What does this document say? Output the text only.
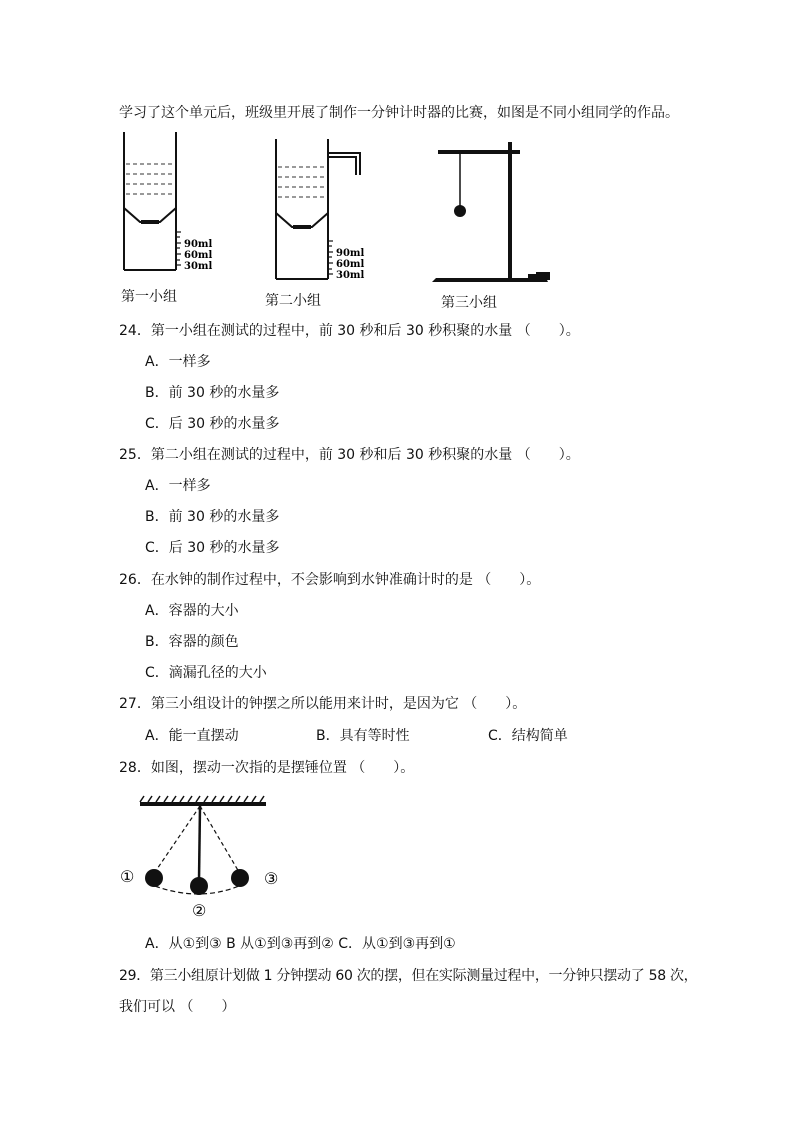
学习了这个单元后，班级里开展了制作一分钟计时器的比赛，如图是不同小组同学的作品。
90ml
60ml
30ml
第一小组
90ml
60ml
30ml
第二小组	第三小组
24．第一小组在测试的过程中，前 30 秒和后 30 秒积聚的水量 （　　）。
A．一样多
B．前 30 秒的水量多
C．后 30 秒的水量多
25．第二小组在测试的过程中，前 30 秒和后 30 秒积聚的水量 （　　）。
A．一样多
B．前 30 秒的水量多
C．后 30 秒的水量多
26．在水钟的制作过程中，不会影响到水钟准确计时的是 （　　）。
A．容器的大小
B．容器的颜色
C．滴漏孔径的大小
27．第三小组设计的钟摆之所以能用来计时，是因为它 （　　）。
A．能一直摆动	B．具有等时性	C．结构简单
28．如图，摆动一次指的是摆锤位置 （　　）。
①
②
③
A．从①到③ B 从①到③再到② C．从①到③再到①
29．第三小组原计划做 1 分钟摆动 60 次的摆，但在实际测量过程中，一分钟只摆动了 58 次，
我们可以 （　　）
